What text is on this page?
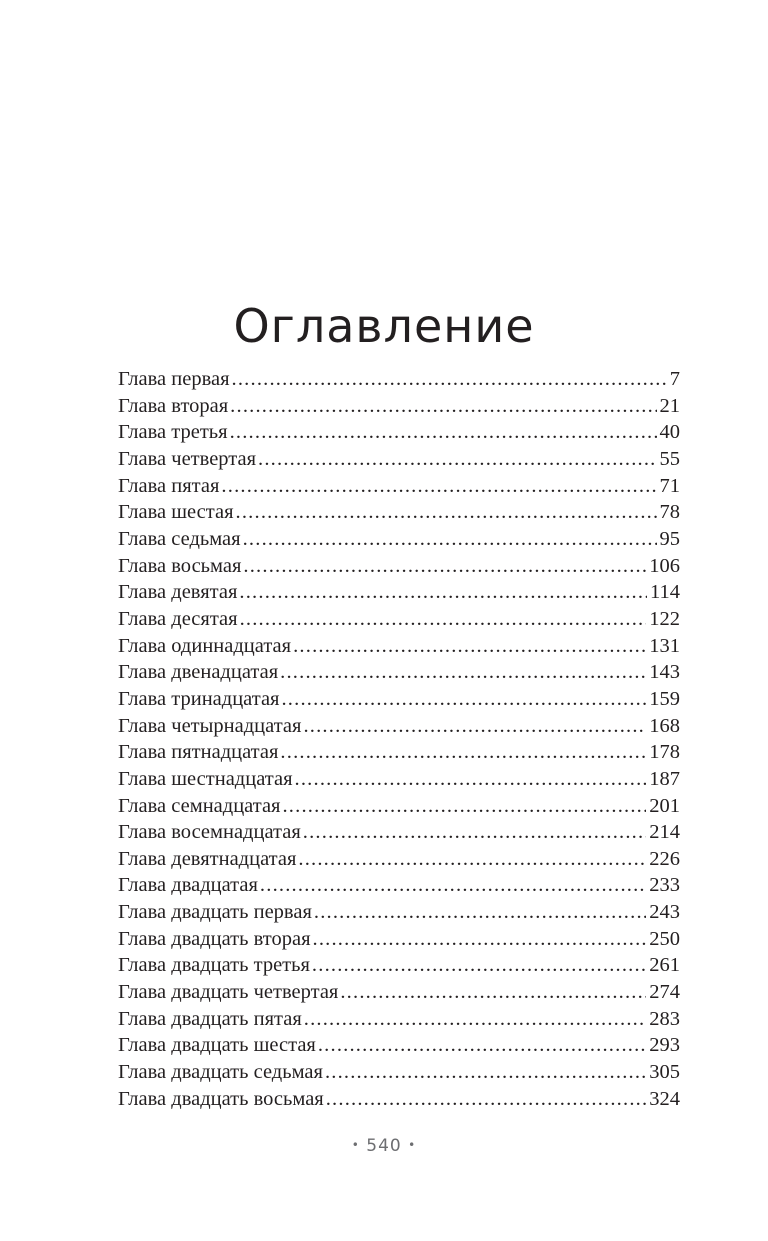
Оглавление
Глава первая .....	7
Глава вторая .....	21
Глава третья .....	40
Глава четвертая .....	55
Глава пятая .....	71
Глава шестая .....	78
Глава седьмая .....	95
Глава восьмая .....	106
Глава девятая .....	114
Глава десятая .....	122
Глава одиннадцатая .....	131
Глава двенадцатая .....	143
Глава тринадцатая .....	159
Глава четырнадцатая .....	168
Глава пятнадцатая .....	178
Глава шестнадцатая .....	187
Глава семнадцатая .....	201
Глава восемнадцатая .....	214
Глава девятнадцатая .....	226
Глава двадцатая .....	233
Глава двадцать первая .....	243
Глава двадцать вторая .....	250
Глава двадцать третья .....	261
Глава двадцать четвертая .....	274
Глава двадцать пятая .....	283
Глава двадцать шестая .....	293
Глава двадцать седьмая .....	305
Глава двадцать восьмая .....	324
• 540 •
